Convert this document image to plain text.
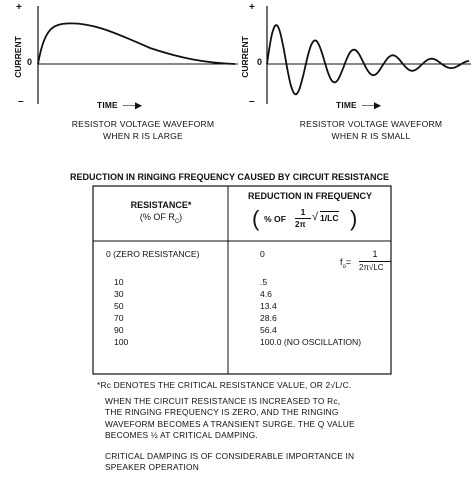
+
0
–
CURRENT
TIME  ──▶
RESISTOR VOLTAGE WAVEFORM
WHEN R IS LARGE
+
0
–
CURRENT
TIME  ──▶
RESISTOR VOLTAGE WAVEFORM
WHEN R IS SMALL
REDUCTION IN RINGING FREQUENCY CAUSED BY CIRCUIT RESISTANCE
RESISTANCE*
(% OF $R_C$)
REDUCTION IN FREQUENCY
( % OF
1
2π
√ 1/LC )
$f_o=$
1
2π√LC
0 (ZERO RESISTANCE)	0
10	.5
30	4.6
50	13.4
70	28.6
90	56.4
100	100.0 (NO OSCILLATION)

*Rᴄ DENOTES THE CRITICAL RESISTANCE VALUE, OR 2√L/C.

WHEN THE CIRCUIT RESISTANCE IS INCREASED TO Rᴄ,

THE RINGING FREQUENCY IS ZERO, AND THE RINGING

WAVEFORM BECOMES A TRANSIENT SURGE. THE Q VALUE

BECOMES ½ AT CRITICAL DAMPING.

CRITICAL DAMPING IS OF CONSIDERABLE IMPORTANCE IN

SPEAKER OPERATION
